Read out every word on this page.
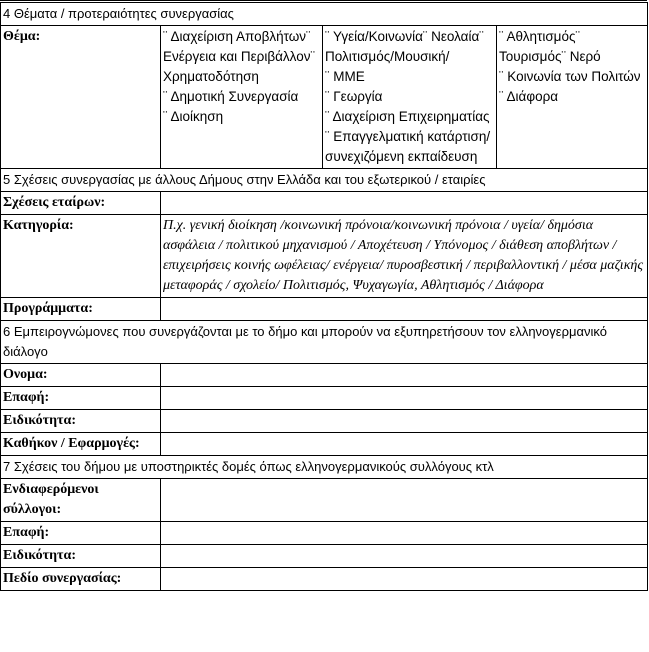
4 Θέματα / προτεραιότητες συνεργασίας			
Θέμα:	¨ Διαχείριση Αποβλήτων¨ Ενέργεια και Περιβάλλον¨ Χρηματοδότηση
¨ Δημοτική Συνεργασία
¨ Διοίκηση	¨ Υγεία/Κοινωνία¨ Νεολαία¨ Πολιτισμός/Μουσική/
¨ ΜΜΕ
¨ Γεωργία
¨ Διαχείριση Επιχειρηματίας
¨ Επαγγελματική κατάρτιση/συνεχιζόμενη εκπαίδευση	¨ Αθλητισμός¨ Τουρισμός¨ Νερό
¨ Κοινωνία των Πολιτών
¨ Διάφορα

5 Σχέσεις συνεργασίας με άλλους Δήμους στην Ελλάδα και του εξωτερικού / εταιρίες			
Σχέσεις εταίρων:			
Κατηγορία:	Π.χ. γενική διοίκηση /κοινωνική πρόνοια/κοινωνική πρόνοια / υγεία/ δημόσια ασφάλεια / πολιτικού μηχανισμού / Αποχέτευση / Υπόνομος / διάθεση αποβλήτων / επιχειρήσεις κοινής ωφέλειας/ ενέργεια/ πυροσβεστική / περιβαλλοντική / μέσα μαζικής μεταφοράς / σχολείο/ Πολιτισμός, Ψυχαγωγία, Αθλητισμός / Διάφορα		
Προγράμματα:			
6 Εμπειρογνώμονες που συνεργάζονται με το δήμο και μπορούν να εξυπηρετήσουν τον ελληνογερμανικό διάλογο			
Ονομα:			
Επαφή:			
Ειδικότητα:			
Καθήκον / Εφαρμογές:			
7 Σχέσεις του δήμου με υποστηρικτές δομές όπως ελληνογερμανικούς συλλόγους κτλ			
Ενδιαφερόμενοι σύλλογοι:			
Επαφή:			
Ειδικότητα:			
Πεδίο συνεργασίας:			
